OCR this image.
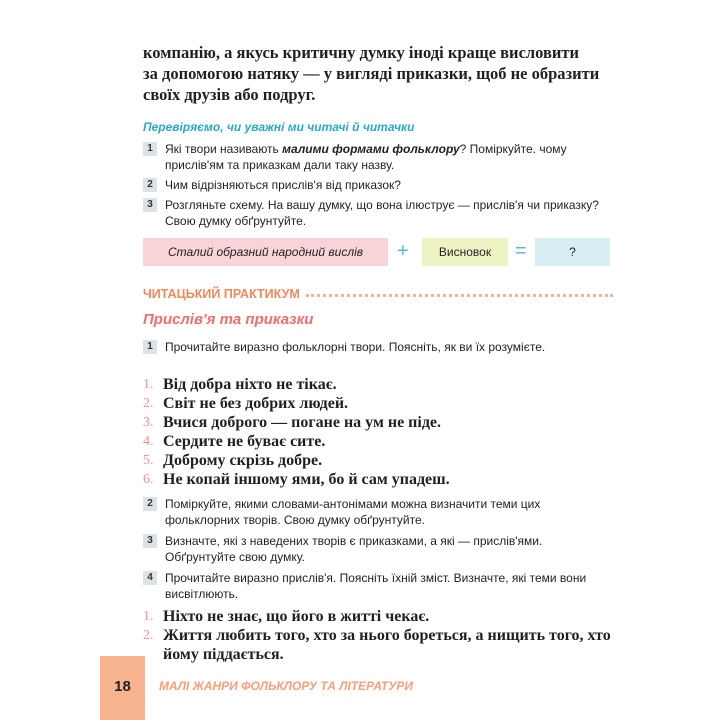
компанію, а якусь критичну думку іноді краще висловити
за допомогою натяку — у вигляді приказки, щоб не образити
своїх друзів або подруг.

Перевіряємо, чи уважні ми читачі й читачки
1	Які твори називають малими формами фольклору? Поміркуйте. чому прислів'ям та приказкам дали таку назву.
2	Чим відрізняються прислів'я від приказок?
3	Розгляньте схему. На вашу думку, що вона ілюструє — прислів'я чи приказку? Свою думку обґрунтуйте.
Сталий образний народний вислів	+	Висновок	=	?
ЧИТАЦЬКИЙ ПРАКТИКУМ
Прислів'я та приказки
1	Прочитайте виразно фольклорні твори. Поясніть, як ви їх розумієте.
1. Від добра ніхто не тікає.
2. Світ не без добрих людей.
3. Вчися доброго — погане на ум не піде.
4. Сердите не буває сите.
5. Доброму скрізь добре.
6. Не копай іншому ями, бо й сам упадеш.
2	Поміркуйте, якими словами-антонімами можна визначити теми цих фольклорних творів. Свою думку обґрунтуйте.
3	Визначте, які з наведених творів є приказками, а які — прислів'ями. Обґрунтуйте свою думку.
4	Прочитайте виразно прислів'я. Поясніть їхній зміст. Визначте, які теми вони висвітлюють.
1. Ніхто не знає, що його в житті чекає.
2. Життя любить того, хто за нього бореться, а нищить того, хто йому піддається.
18	МАЛІ ЖАНРИ ФОЛЬКЛОРУ ТА ЛІТЕРАТУРИ
